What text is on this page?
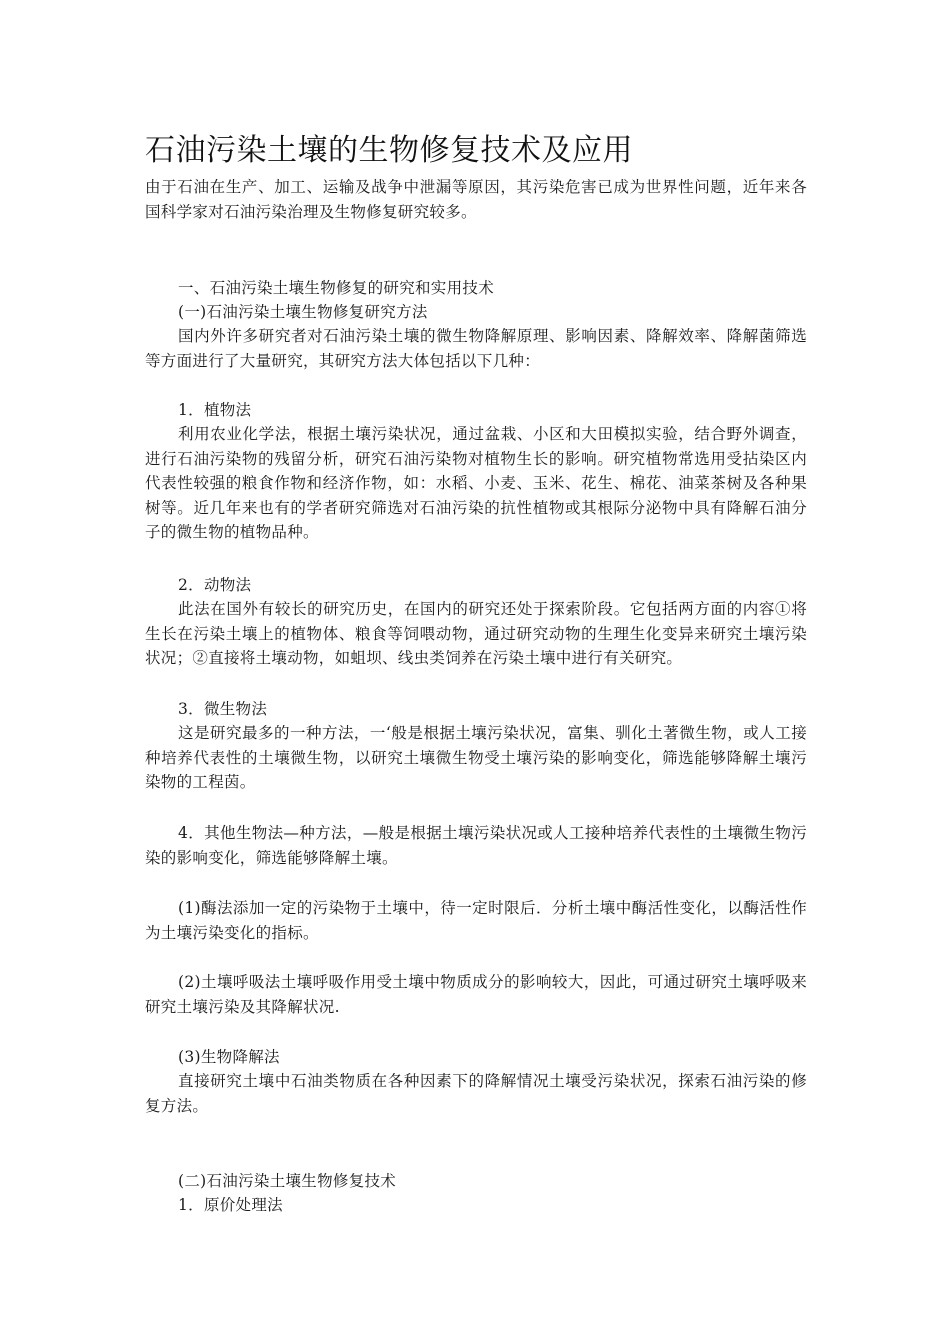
石油污染土壤的生物修复技术及应用

由于石油在生产、加工、运输及战争中泄漏等原因，其污染危害已成为世界性问题，近年来各国科学家对石油污染治理及生物修复研究较多。

一、石油污染土壤生物修复的研究和实用技术

(一)石油污染土壤生物修复研究方法

国内外许多研究者对石油污染土壤的微生物降解原理、影响因素、降解效率、降解菌筛选等方面进行了大量研究，其研究方法大体包括以下几种：

1．植物法

利用农业化学法，根据土壤污染状况，通过盆栽、小区和大田模拟实验，结合野外调查，进行石油污染物的残留分析，研究石油污染物对植物生长的影响。研究植物常选用受拈染区内代表性较强的粮食作物和经济作物，如：水稻、小麦、玉米、花生、棉花、油菜茶树及各种果树等。近几年来也有的学者研究筛选对石油污染的抗性植物或其根际分泌物中具有降解石油分子的微生物的植物品种。

2．动物法

此法在国外有较长的研究历史，在国内的研究还处于探索阶段。它包括两方面的内容①将生长在污染土壤上的植物体、粮食等饲喂动物，通过研究动物的生理生化变异来研究土壤污染状况；②直接将土壤动物，如蛆坝、线虫类饲养在污染土壤中进行有关研究。

3．微生物法

这是研究最多的一种方法，一‘般是根据土壤污染状况，富集、驯化土著微生物，或人工接种培养代表性的土壤微生物，以研究土壤微生物受土壤污染的影响变化，筛选能够降解土壤污染物的工程茵。

4．其他生物法—种方法，—般是根据土壤污染状况或人工接种培养代表性的土壤微生物污染的影响变化，筛选能够降解土壤。

(1)酶法添加一定的污染物于土壤中，待一定时限后．分析土壤中酶活性变化，以酶活性作为土壤污染变化的指标。

(2)土壤呼吸法土壤呼吸作用受土壤中物质成分的影响较大，因此，可通过研究土壤呼吸来研究土壤污染及其降解状况.

(3)生物降解法

直接研究土壤中石油类物质在各种因素下的降解情况土壤受污染状况，探索石油污染的修复方法。

(二)石油污染土壤生物修复技术

1．原价处理法
